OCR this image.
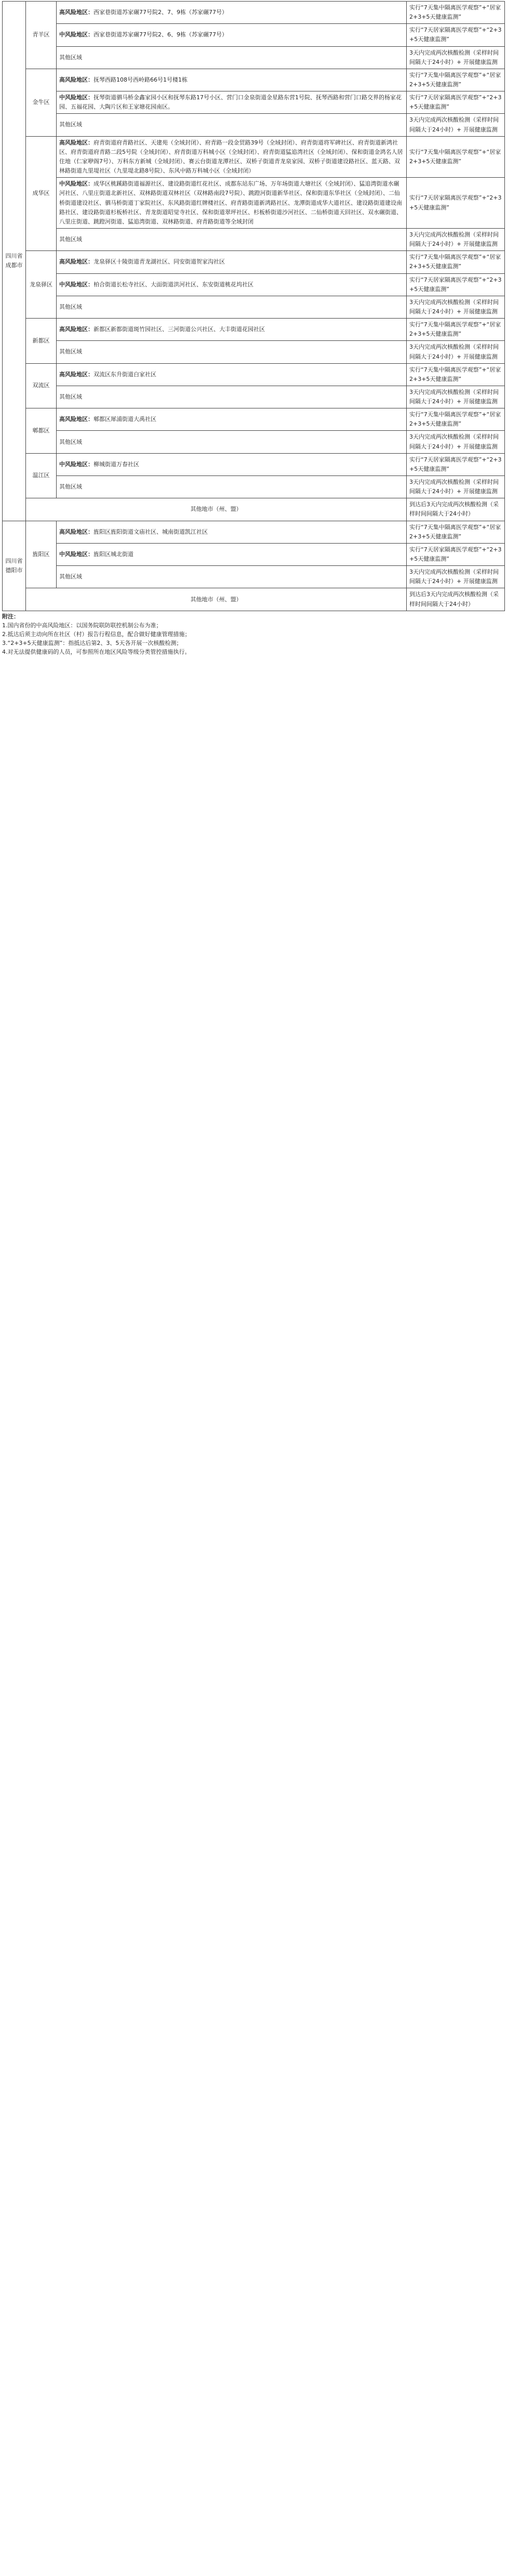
四川省成都市	青羊区	高风险地区：西家巷街道苏家碾77号院2、7、9栋（苏家碾77号）	实行“7天集中隔离医学观察”+“居家2+3+5天健康监测”
		中风险地区：西家巷街道苏家碾77号院2、6、9栋（苏家碾77号）	实行“7天居家隔离医学观察”+“2+3+5天健康监测”
		其他区域	3天内完成两次核酸检测（采样时间间隔大于24小时）+ 开展健康监测
	金牛区	高风险地区：抚琴西路108号西岭路66号1号楼1栋	实行“7天集中隔离医学观察”+“居家2+3+5天健康监测”
		中风险地区：抚琴街道驷马桥金鑫家园小区和抚琴东路17号小区、营门口金泉街道金星路东营1号院、抚琴西路和营门口路交界的杨家花园、五福花园、大陶片区和王家塘花园南区。	实行“7天居家隔离医学观察”+“2+3+5天健康监测”
		其他区域	3天内完成两次核酸检测（采样时间间隔大于24小时）+ 开展健康监测
	成华区	高风险地区：府青街道府青路社区、天建苑（全域封闭）、府青路一段金贸路39号（全域封闭）、府青街道将军碑社区、府青街道新鸿社区、府青街道府青路二段5号院（全域封闭）、府青街道万科城小区（全域封闭）、府青街道猛追湾社区（全域封闭）、保和街道金鸿名人居住地（仁家咿阁7号）、万科东方新城（全域封闭）、赛云台街道龙潭社区、双桥子街道青龙泉家园、双桥子街道建设路社区、蓝天路、双林路街道九里堤社区（九里堤北路8号院）、东风中路万科城小区（全域封闭）	实行“7天集中隔离医学观察”+“居家2+3+5天健康监测”
		中风险地区：成华区桃蹊路街道福源社区、建设路街道红花社区、成都东站东广场、万年场街道大塘社区（全域封闭）、猛追湾街道水碾河社区、八里庄街道北新社区、双林路街道双林社区（双林路南段7号院）、跳蹬河街道新华社区、保和街道东华社区（全域封闭）、二仙桥街道建设社区、驷马桥街道丁家院社区、东风路街道红牌楼社区、府青路街道新鸿路社区、龙潭街道成华大道社区、建设路街道建设南路社区、建设路街道杉板桥社区、青龙街道昭觉寺社区、保和街道翠坪社区、杉板桥街道沙河社区、二仙桥街道天回社区、双水碾街道、八里庄街道、跳蹬河街道、猛追湾街道、双林路街道、府青路街道等全域封闭	实行“7天居家隔离医学观察”+“2+3+5天健康监测”
		其他区域	3天内完成两次核酸检测（采样时间间隔大于24小时）+ 开展健康监测
	龙泉驿区	高风险地区：龙泉驿区十陵街道青龙湖社区、同安街道贺家沟社区	实行“7天集中隔离医学观察”+“居家2+3+5天健康监测”
		中风险地区：柏合街道长松寺社区、大面街道洪河社区、东安街道桃花坞社区	实行“7天居家隔离医学观察”+“2+3+5天健康监测”
		其他区域	3天内完成两次核酸检测（采样时间间隔大于24小时）+ 开展健康监测
	新都区	高风险地区：新都区新都街道斑竹园社区、三河街道公兴社区、大丰街道花园社区	实行“7天集中隔离医学观察”+“居家2+3+5天健康监测”
		其他区域	3天内完成两次核酸检测（采样时间间隔大于24小时）+ 开展健康监测
	双流区	高风险地区：双流区东升街道白家社区	实行“7天集中隔离医学观察”+“居家2+3+5天健康监测”
		其他区域	3天内完成两次核酸检测（采样时间间隔大于24小时）+ 开展健康监测
	郫都区	高风险地区：郫都区犀浦街道大禹社区	实行“7天集中隔离医学观察”+“居家2+3+5天健康监测”
		其他区域	3天内完成两次核酸检测（采样时间间隔大于24小时）+ 开展健康监测
	温江区	中风险地区：柳城街道万春社区	实行“7天居家隔离医学观察”+“2+3+5天健康监测”
		其他区域	3天内完成两次核酸检测（采样时间间隔大于24小时）+ 开展健康监测
	其他地市（州、盟）		到达后3天内完成两次核酸检测（采样时间间隔大于24小时）
四川省德阳市	旌阳区	高风险地区：旌阳区旌阳街道文庙社区、城南街道凯江社区	实行“7天集中隔离医学观察”+“居家2+3+5天健康监测”
		中风险地区：旌阳区城北街道	实行“7天居家隔离医学观察”+“2+3+5天健康监测”
		其他区域	3天内完成两次核酸检测（采样时间间隔大于24小时）+ 开展健康监测
	其他地市（州、盟）		到达后3天内完成两次核酸检测（采样时间间隔大于24小时）
附注：
1.国内省份的中高风险地区：以国务院联防联控机制公布为准；
2.抵达后须主动向所在社区（村）报告行程信息，配合做好健康管理措施；
3.“2+3+5天健康监测”：指抵达后第2、3、5天各开展一次核酸检测；
4.对无法提供健康码的人员，可参照所在地区风险等级分类管控措施执行。
